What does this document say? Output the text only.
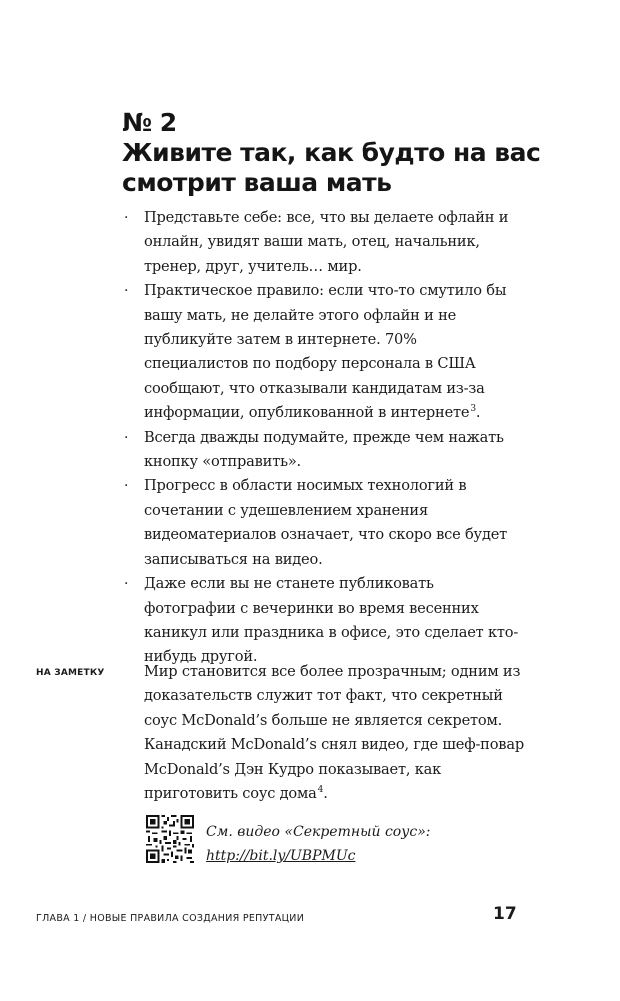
№ 2
Живите так, как будто на вас
смотрит ваша мать
· Представьте себе: все, что вы делаете офлайн и онлайн, увидят ваши мать, отец, начальник, тренер, друг, учитель… мир.
· Практическое правило: если что-то смутило бы вашу мать, не делайте этого офлайн и не публикуйте затем в интернете. 70% специалистов по подбору персонала в США сообщают, что отказывали кандидатам из-за информации, опубликованной в интернете$^3$.
· Всегда дважды подумайте, прежде чем нажать кнопку «отправить».
· Прогресс в области носимых технологий в сочетании с удешевлением хранения видеоматериалов означает, что скоро все будет записываться на видео.
· Даже если вы не станете публиковать фотографии с вечеринки во время весенних каникул или праздника в офисе, это сделает кто-нибудь другой.
НА ЗАМЕТКУ	Мир становится все более прозрачным; одним из доказательств служит тот факт, что секретный соус McDonald’s больше не является секретом. Канадский McDonald’s снял видео, где шеф-повар McDonald’s Дэн Кудро показывает, как приготовить соус дома$^4$.
См. видео «Секретный соус»:
http://bit.ly/UBPMUc
ГЛАВА 1 / НОВЫЕ ПРАВИЛА СОЗДАНИЯ РЕПУТАЦИИ	17
